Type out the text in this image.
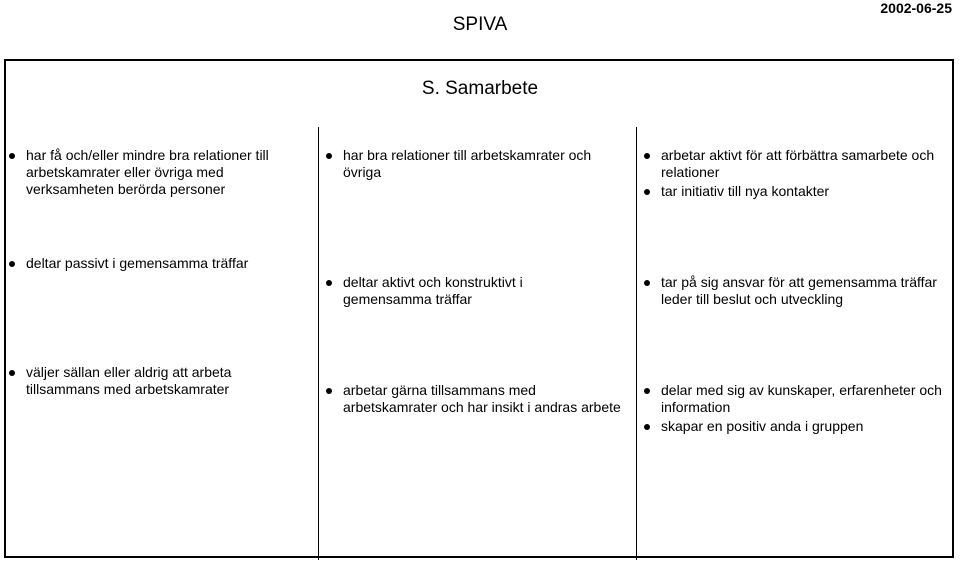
SPIVA
2002-06-25
S. Samarbete
har få och/eller mindre bra relationer till arbetskamrater eller övriga med verksamheten berörda personer
har bra relationer till arbetskamrater och övriga
arbetar aktivt för att förbättra samarbete och relationer
tar initiativ till nya kontakter
deltar passivt i gemensamma träffar
deltar aktivt och konstruktivt i gemensamma träffar
tar på sig ansvar för att gemensamma träffar leder till beslut och utveckling
väljer sällan eller aldrig att arbeta tillsammans med arbetskamrater	arbetar gärna tillsammans med arbetskamrater och har insikt i andras arbete
delar med sig av kunskaper, erfarenheter och information
skapar en positiv anda i gruppen
